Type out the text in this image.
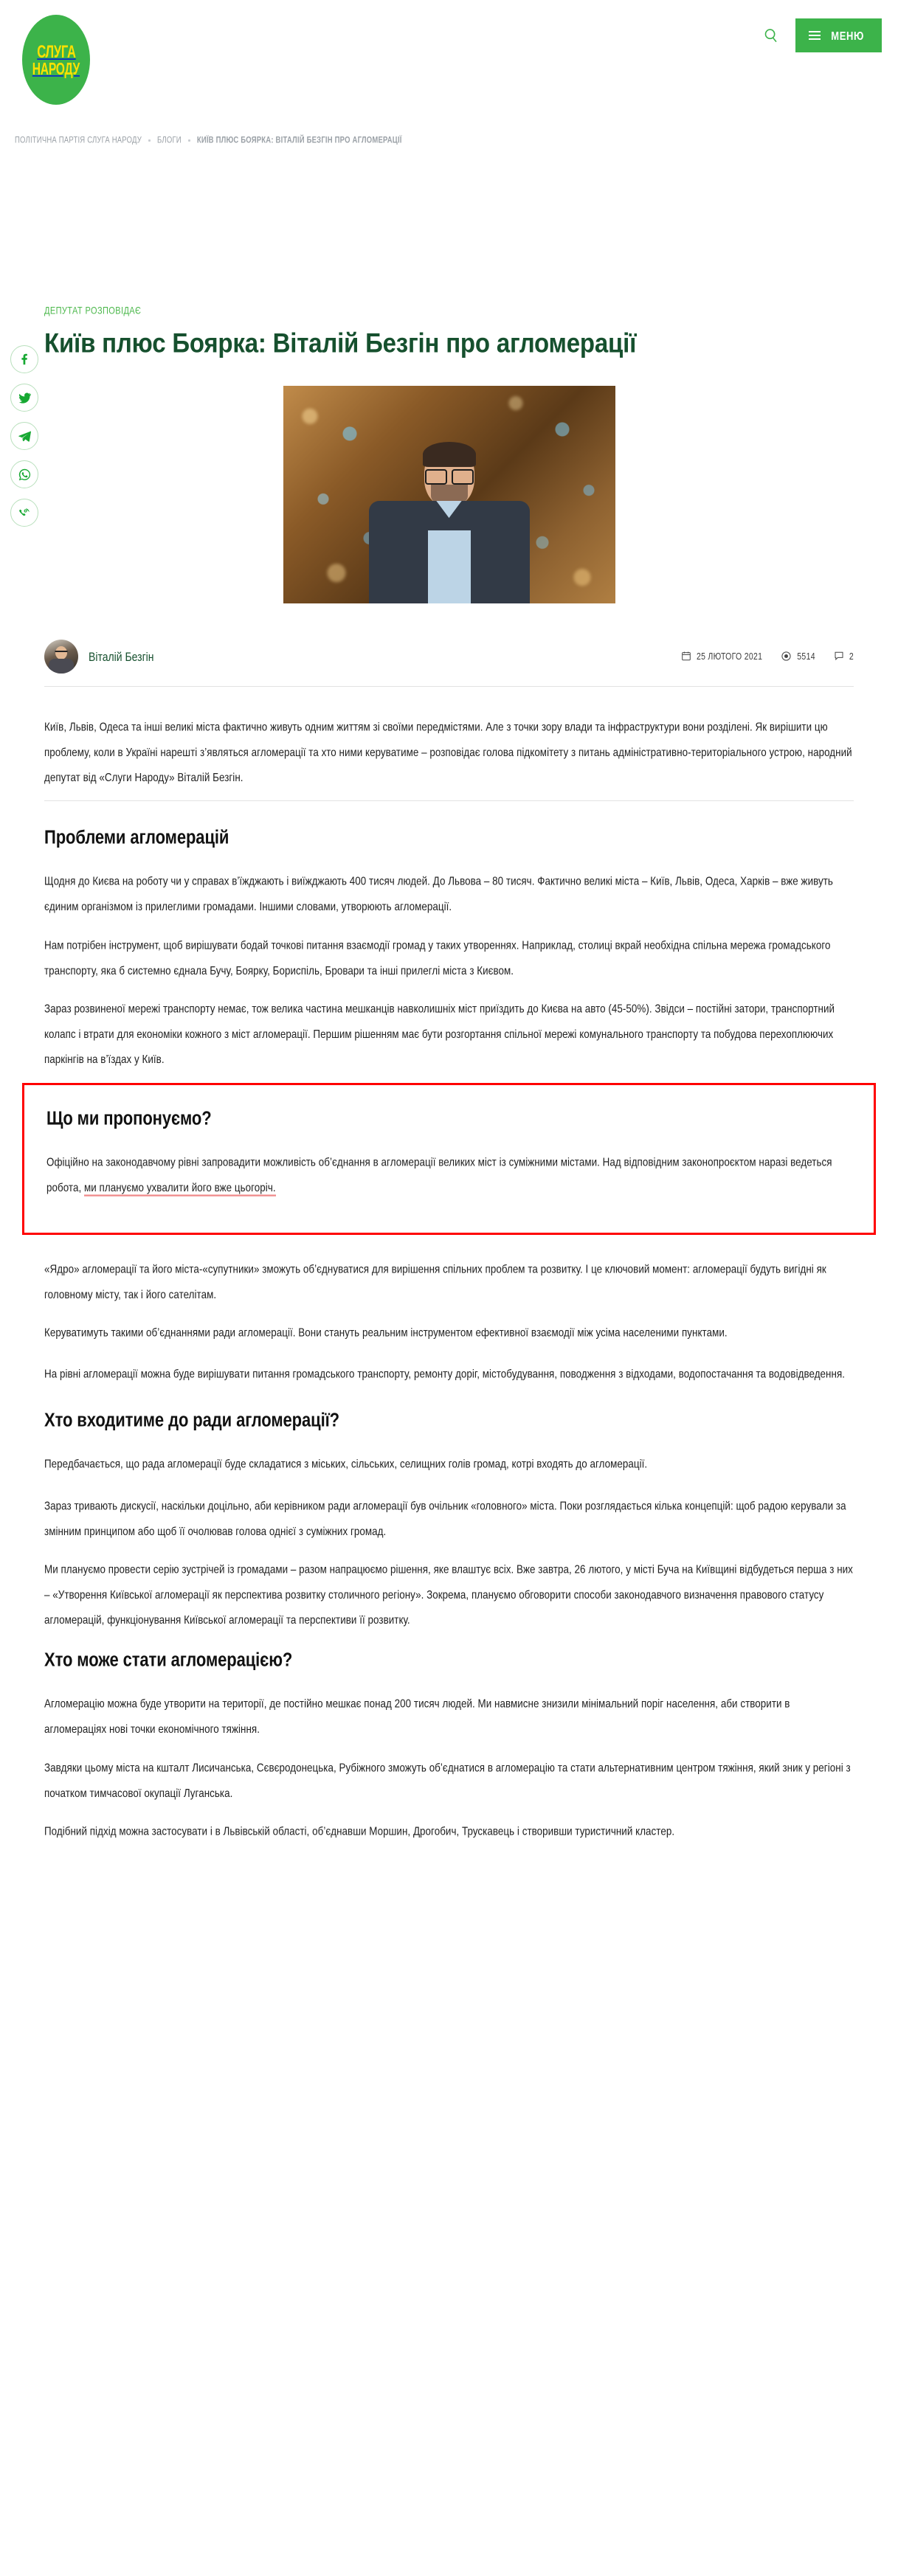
СЛУГА
НАРОДУ
МЕНЮ
ПОЛІТИЧНА ПАРТІЯ СЛУГА НАРОДУ БЛОГИ КИЇВ ПЛЮС БОЯРКА: ВІТАЛІЙ БЕЗГІН ПРО АГЛОМЕРАЦІЇ
ДЕПУТАТ РОЗПОВІДАЄ
Київ плюс Боярка: Віталій Безгін про агломерації
Віталій Безгін	25 ЛЮТОГО 2021	5514	2

Київ, Львів, Одеса та інші великі міста фактично живуть одним життям зі своїми передмістями. Але з точки зору влади та інфраструктури вони розділені. Як вирішити цю проблему, коли в Україні нарешті з’являться агломерації та хто ними керуватиме – розповідає голова підкомітету з питань адміністративно-територіального устрою, народний депутат від «Слуги Народу» Віталій Безгін.

Проблеми агломерацій

Щодня до Києва на роботу чи у справах в’їжджають і виїжджають 400 тисяч людей. До Львова – 80 тисяч. Фактично великі міста – Київ, Львів, Одеса, Харків – вже живуть єдиним організмом із прилеглими громадами. Іншими словами, утворюють агломерації.

Нам потрібен інструмент, щоб вирішувати бодай точкові питання взаємодії громад у таких утвореннях. Наприклад, столиці вкрай необхідна спільна мережа громадського транспорту, яка б системно єднала Бучу, Боярку, Бориспіль, Бровари та інші прилеглі міста з Києвом.

Зараз розвиненої мережі транспорту немає, тож велика частина мешканців навколишніх міст приїздить до Києва на авто (45-50%). Звідси – постійні затори, транспортний колапс і втрати для економіки кожного з міст агломерації. Першим рішенням має бути розгортання спільної мережі комунального транспорту та побудова перехоплюючих паркінгів на в’їздах у Київ.

Що ми пропонуємо?

Офіційно на законодавчому рівні запровадити можливість об’єднання в агломерації великих міст із суміжними містами. Над відповідним законопроєктом наразі ведеться робота, ми плануємо ухвалити його вже цьогоріч.

«Ядро» агломерації та його міста-«супутники» зможуть об’єднуватися для вирішення спільних проблем та розвитку. І це ключовий момент: агломерації будуть вигідні як головному місту, так і його сателітам.

Керуватимуть такими об’єднаннями ради агломерації. Вони стануть реальним інструментом ефективної взаємодії між усіма населеними пунктами.

На рівні агломерації можна буде вирішувати питання громадського транспорту, ремонту доріг, містобудування, поводження з відходами, водопостачання та водовідведення.

Хто входитиме до ради агломерації?

Передбачається, що рада агломерації буде складатися з міських, сільських, селищних голів громад, котрі входять до агломерації.

Зараз тривають дискусії, наскільки доцільно, аби керівником ради агломерації був очільник «головного» міста. Поки розглядається кілька концепцій: щоб радою керували за змінним принципом або щоб її очолював голова однієї з суміжних громад.

Ми плануємо провести серію зустрічей із громадами – разом напрацюємо рішення, яке влаштує всіх. Вже завтра, 26 лютого, у місті Буча на Київщині відбудеться перша з них – «Утворення Київської агломерації як перспектива розвитку столичного регіону». Зокрема, плануємо обговорити способи законодавчого визначення правового статусу агломерацій, функціонування Київської агломерації та перспективи її розвитку.

Хто може стати агломерацією?

Агломерацію можна буде утворити на території, де постійно мешкає понад 200 тисяч людей. Ми навмисне знизили мінімальний поріг населення, аби створити в агломераціях нові точки економічного тяжіння.

Завдяки цьому міста на кшталт Лисичанська, Сєвєродонецька, Рубіжного зможуть об’єднатися в агломерацію та стати альтернативним центром тяжіння, який зник у регіоні з початком тимчасової окупації Луганська.

Подібний підхід можна застосувати і в Львівській області, об’єднавши Моршин, Дрогобич, Трускавець і створивши туристичний кластер.
